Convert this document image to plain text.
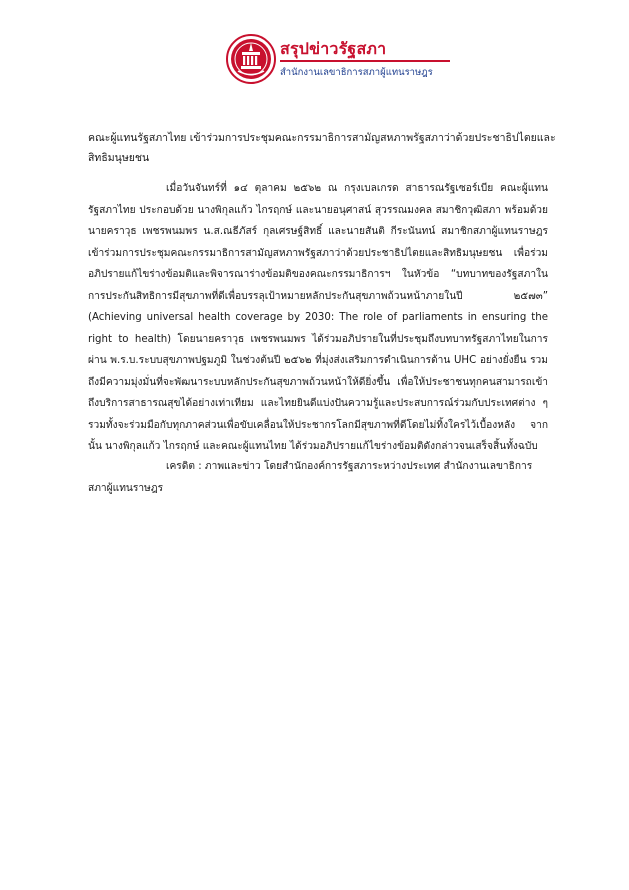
สรุปข่าวรัฐสภา
สำนักงานเลขาธิการสภาผู้แทนราษฎร
คณะผู้แทนรัฐสภาไทย เข้าร่วมการประชุมคณะกรรมาธิการสามัญสหภาพรัฐสภาว่าด้วยประชาธิปไตยและสิทธิมนุษยชน
เมื่อวันจันทร์ที่ ๑๔ ตุลาคม ๒๕๖๒ ณ กรุงเบลเกรด สาธารณรัฐเซอร์เบีย คณะผู้แทนรัฐสภาไทย ประกอบด้วย นางพิกุลแก้ว ไกรฤกษ์ และนายอนุศาสน์ สุวรรณมงคล สมาชิกวุฒิสภา พร้อมด้วยนายคราวุธ เพชรพนมพร น.ส.ณธีภัสร์ กุลเศรษฐ์สิทธิ์ และนายสันติ กีระนันทน์ สมาชิกสภาผู้แทนราษฎร เข้าร่วมการประชุมคณะกรรมาธิการสามัญสหภาพรัฐสภาว่าด้วยประชาธิปไตยและสิทธิมนุษยชน เพื่อร่วมอภิปรายแก้ไขร่างข้อมติและพิจารณาร่างข้อมติของคณะกรรมาธิการฯ ในหัวข้อ “บทบาทของรัฐสภาในการประกันสิทธิการมีสุขภาพที่ดีเพื่อบรรลุเป้าหมายหลักประกันสุขภาพถ้วนหน้าภายในปี ๒๕๗๓” (Achieving universal health coverage by 2030: The role of parliaments in ensuring the right to health) โดยนายคราวุธ เพชรพนมพร ได้ร่วมอภิปรายในที่ประชุมถึงบทบาทรัฐสภาไทยในการผ่าน พ.ร.บ.ระบบสุขภาพปฐมภูมิ ในช่วงต้นปี ๒๕๖๒ ที่มุ่งส่งเสริมการดำเนินการด้าน UHC อย่างยั่งยืน รวมถึงมีความมุ่งมั่นที่จะพัฒนาระบบหลักประกันสุขภาพถ้วนหน้าให้ดียิ่งขึ้น เพื่อให้ประชาชนทุกคนสามารถเข้าถึงบริการสาธารณสุขได้อย่างเท่าเทียม และไทยยินดีแบ่งปันความรู้และประสบการณ์ร่วมกับประเทศต่าง ๆ รวมทั้งจะร่วมมือกับทุกภาคส่วนเพื่อขับเคลื่อนให้ประชากรโลกมีสุขภาพที่ดีโดยไม่ทิ้งใครไว้เบื้องหลัง จากนั้น นางพิกุลแก้ว ไกรฤกษ์ และคณะผู้แทนไทย ได้ร่วมอภิปรายแก้ไขร่างข้อมติดังกล่าวจนเสร็จสิ้นทั้งฉบับ
เครดิต : ภาพและข่าว โดยสำนักองค์การรัฐสภาระหว่างประเทศ สำนักงานเลขาธิการสภาผู้แทนราษฎร
